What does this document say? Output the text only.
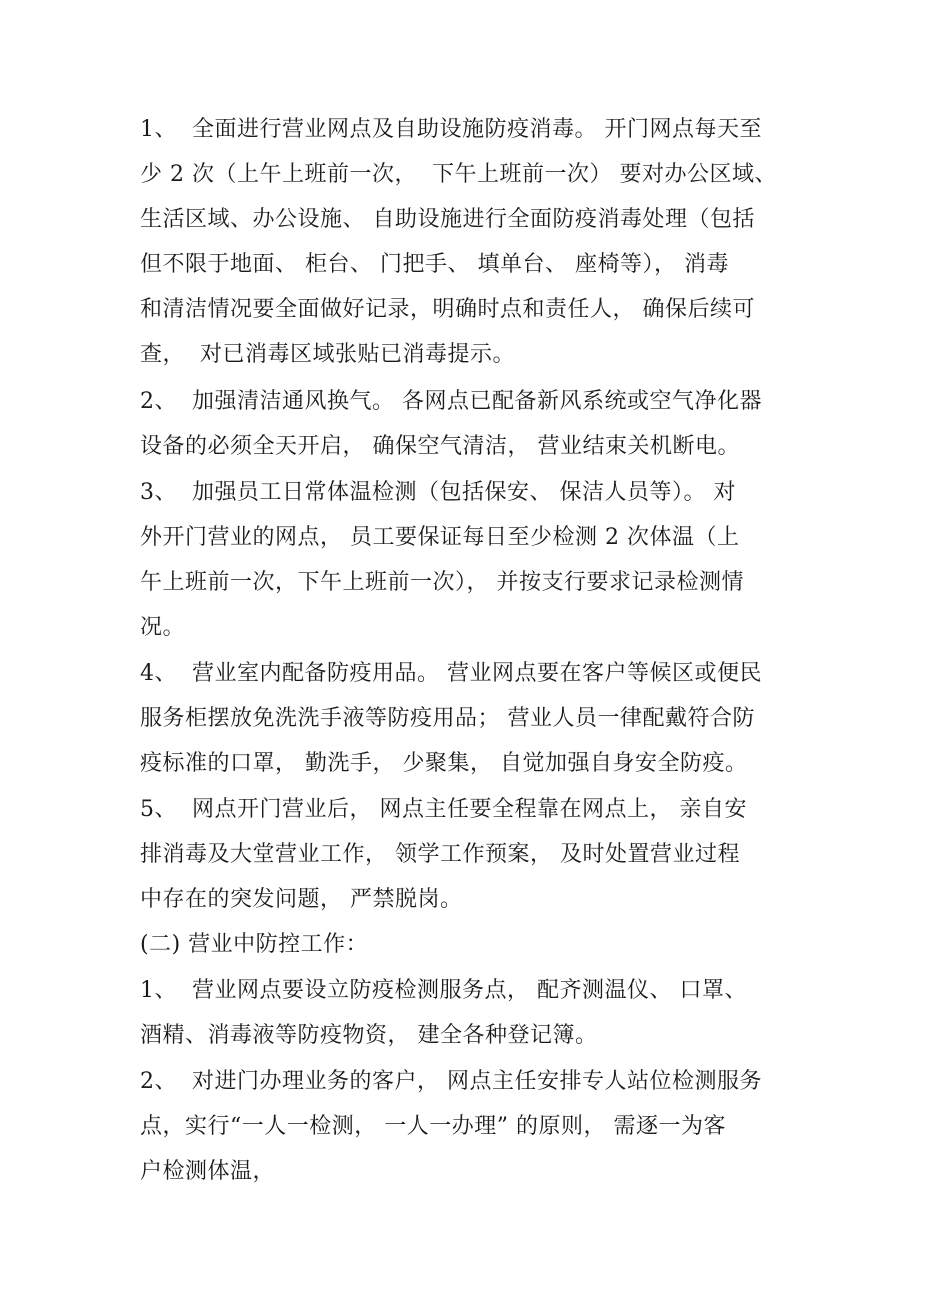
1、  全面进行营业网点及自助设施防疫消毒。 开门网点每天至
少 2 次（上午上班前一次，  下午上班前一次） 要对办公区域、
生活区域、办公设施、 自助设施进行全面防疫消毒处理（包括
但不限于地面、 柜台、 门把手、 填单台、 座椅等）， 消毒
和清洁情况要全面做好记录，明确时点和责任人， 确保后续可
查，  对已消毒区域张贴已消毒提示。
2、  加强清洁通风换气。 各网点已配备新风系统或空气净化器
设备的必须全天开启， 确保空气清洁， 营业结束关机断电。
3、  加强员工日常体温检测（包括保安、 保洁人员等）。 对
外开门营业的网点， 员工要保证每日至少检测 2 次体温（上
午上班前一次，下午上班前一次）， 并按支行要求记录检测情
况。
4、  营业室内配备防疫用品。 营业网点要在客户等候区或便民
服务柜摆放免洗洗手液等防疫用品； 营业人员一律配戴符合防
疫标准的口罩， 勤洗手， 少聚集， 自觉加强自身安全防疫。
5、  网点开门营业后， 网点主任要全程靠在网点上， 亲自安
排消毒及大堂营业工作， 领学工作预案， 及时处置营业过程
中存在的突发问题， 严禁脱岗。
(二) 营业中防控工作：
1、  营业网点要设立防疫检测服务点， 配齐测温仪、 口罩、
酒精、消毒液等防疫物资， 建全各种登记簿。
2、  对进门办理业务的客户， 网点主任安排专人站位检测服务
点，实行“一人一检测， 一人一办理” 的原则， 需逐一为客
户检测体温，
